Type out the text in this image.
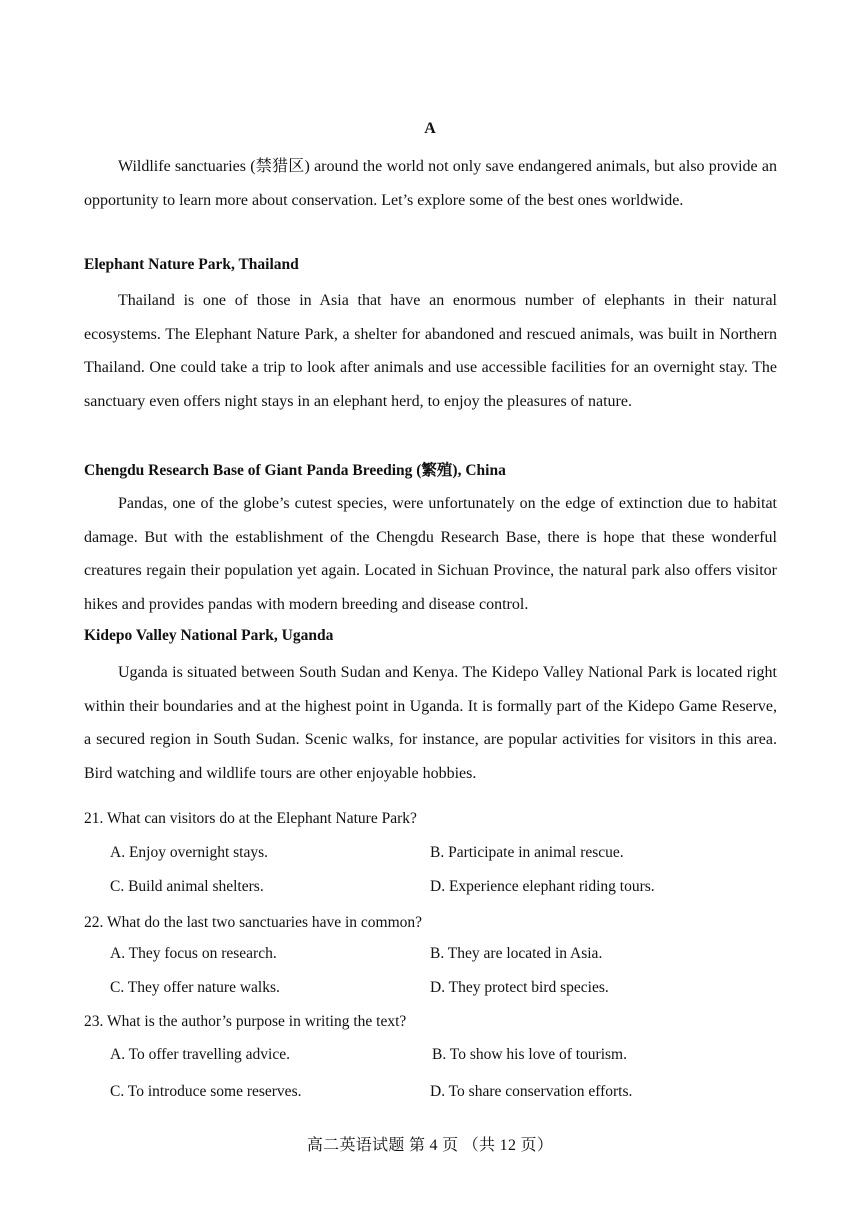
A

Wildlife sanctuaries (禁猎区) around the world not only save endangered animals, but also provide an opportunity to learn more about conservation. Let’s explore some of the best ones worldwide.

Elephant Nature Park, Thailand

Thailand is one of those in Asia that have an enormous number of elephants in their natural ecosystems. The Elephant Nature Park, a shelter for abandoned and rescued animals, was built in Northern Thailand. One could take a trip to look after animals and use accessible facilities for an overnight stay. The sanctuary even offers night stays in an elephant herd, to enjoy the pleasures of nature.

Chengdu Research Base of Giant Panda Breeding (繁殖), China

Pandas, one of the globe’s cutest species, were unfortunately on the edge of extinction due to habitat damage. But with the establishment of the Chengdu Research Base, there is hope that these wonderful creatures regain their population yet again. Located in Sichuan Province, the natural park also offers visitor hikes and provides pandas with modern breeding and disease control.

Kidepo Valley National Park, Uganda

Uganda is situated between South Sudan and Kenya. The Kidepo Valley National Park is located right within their boundaries and at the highest point in Uganda. It is formally part of the Kidepo Game Reserve, a secured region in South Sudan. Scenic walks, for instance, are popular activities for visitors in this area. Bird watching and wildlife tours are other enjoyable hobbies.

21. What can visitors do at the Elephant Nature Park?
A. Enjoy overnight stays.	B. Participate in animal rescue.
C. Build animal shelters.	D. Experience elephant riding tours.
22. What do the last two sanctuaries have in common?
A. They focus on research.	B. They are located in Asia.
C. They offer nature walks.	D. They protect bird species.
23. What is the author’s purpose in writing the text?
A. To offer travelling advice.	B. To show his love of tourism.
C. To introduce some reserves.	D. To share conservation efforts.
高二英语试题 第 4 页 （共 12 页）
